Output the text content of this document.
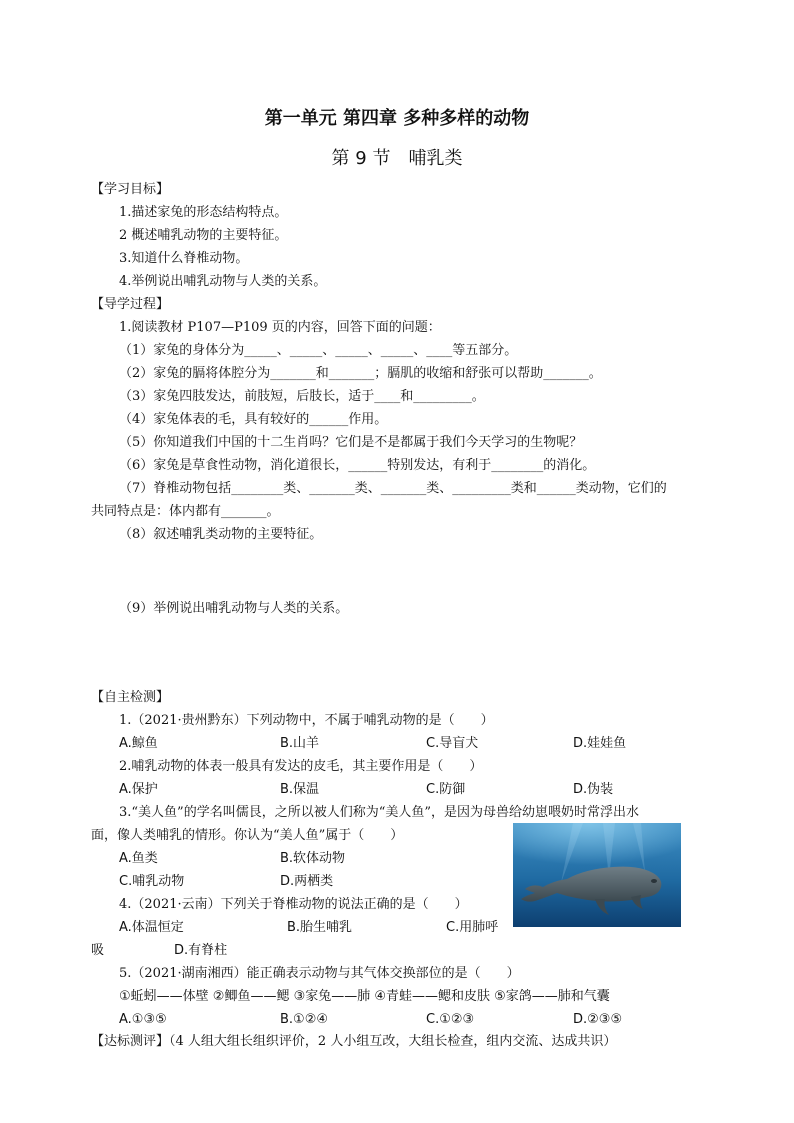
第一单元 第四章 多种多样的动物
第 9 节　哺乳类
【学习目标】
1.描述家兔的形态结构特点。
2 概述哺乳动物的主要特征。
3.知道什么脊椎动物。
4.举例说出哺乳动物与人类的关系。
【导学过程】
1.阅读教材 P107—P109 页的内容，回答下面的问题：
（1）家兔的身体分为_____、_____、_____、_____、____等五部分。
（2）家兔的膈将体腔分为_______和_______；膈肌的收缩和舒张可以帮助_______。
（3）家兔四肢发达，前肢短，后肢长，适于____和_________。
（4）家兔体表的毛，具有较好的______作用。
（5）你知道我们中国的十二生肖吗？它们是不是都属于我们今天学习的生物呢？
（6）家兔是草食性动物，消化道很长，______特别发达，有利于________的消化。
（7）脊椎动物包括________类、_______类、_______类、_________类和______类动物，它们的
共同特点是：体内都有_______。
（8）叙述哺乳类动物的主要特征。
（9）举例说出哺乳动物与人类的关系。
【自主检测】
1.（2021·贵州黔东）下列动物中，不属于哺乳动物的是（　　）
A.鲸鱼	B.山羊	C.导盲犬	D.娃娃鱼
2.哺乳动物的体表一般具有发达的皮毛，其主要作用是（　　）
A.保护	B.保温	C.防御	D.伪装
3.“美人鱼”的学名叫儒艮，之所以被人们称为“美人鱼”，是因为母兽给幼崽喂奶时常浮出水
面，像人类哺乳的情形。你认为“美人鱼”属于（　　）
A.鱼类	B.软体动物
C.哺乳动物	D.两栖类
4.（2021·云南）下列关于脊椎动物的说法正确的是（　　）
A.体温恒定	B.胎生哺乳	C.用肺呼
吸	D.有脊柱
5.（2021·湖南湘西）能正确表示动物与其气体交换部位的是（　　）
①蚯蚓——体壁 ②鲫鱼——鳃 ③家兔——肺 ④青蛙——鳃和皮肤 ⑤家鸽——肺和气囊
A.①③⑤	B.①②④	C.①②③	D.②③⑤
【达标测评】（4 人组大组长组织评价，2 人小组互改，大组长检查，组内交流、达成共识）
